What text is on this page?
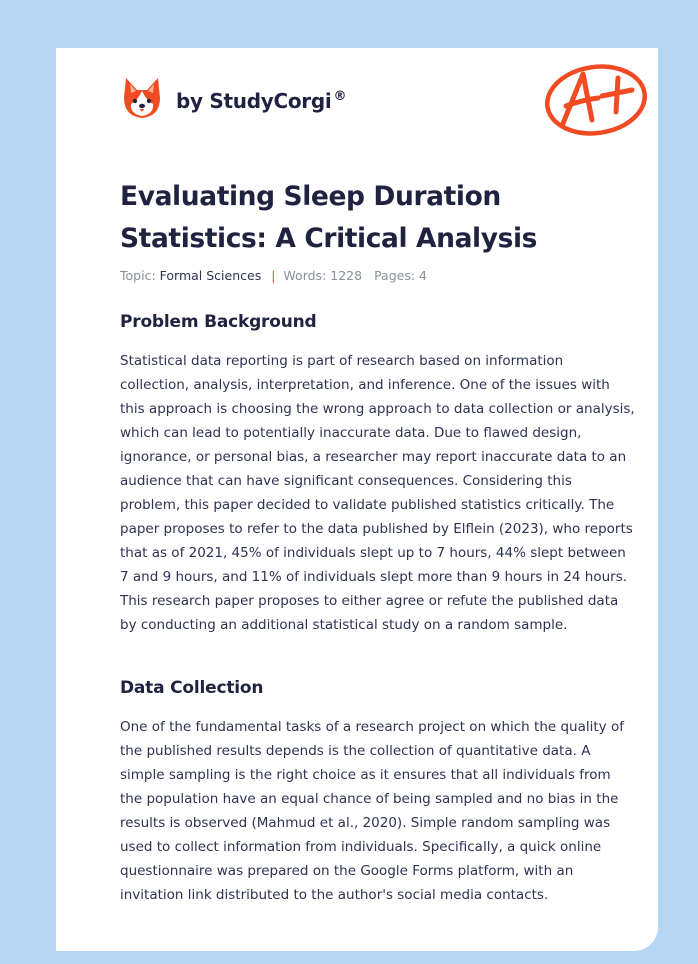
by StudyCorgi ®
Evaluating Sleep Duration Statistics: A Critical Analysis
Topic: Formal Sciences | Words: 1228 Pages: 4
Problem Background

Statistical data reporting is part of research based on information collection, analysis, interpretation, and inference. One of the issues with this approach is choosing the wrong approach to data collection or analysis, which can lead to potentially inaccurate data. Due to flawed design, ignorance, or personal bias, a researcher may report inaccurate data to an audience that can have significant consequences. Considering this problem, this paper decided to validate published statistics critically. The paper proposes to refer to the data published by Elflein (2023), who reports that as of 2021, 45% of individuals slept up to 7 hours, 44% slept between 7 and 9 hours, and 11% of individuals slept more than 9 hours in 24 hours. This research paper proposes to either agree or refute the published data by conducting an additional statistical study on a random sample.

Data Collection

One of the fundamental tasks of a research project on which the quality of the published results depends is the collection of quantitative data. A simple sampling is the right choice as it ensures that all individuals from the population have an equal chance of being sampled and no bias in the results is observed (Mahmud et al., 2020). Simple random sampling was used to collect information from individuals. Specifically, a quick online questionnaire was prepared on the Google Forms platform, with an invitation link distributed to the author's social media contacts.
